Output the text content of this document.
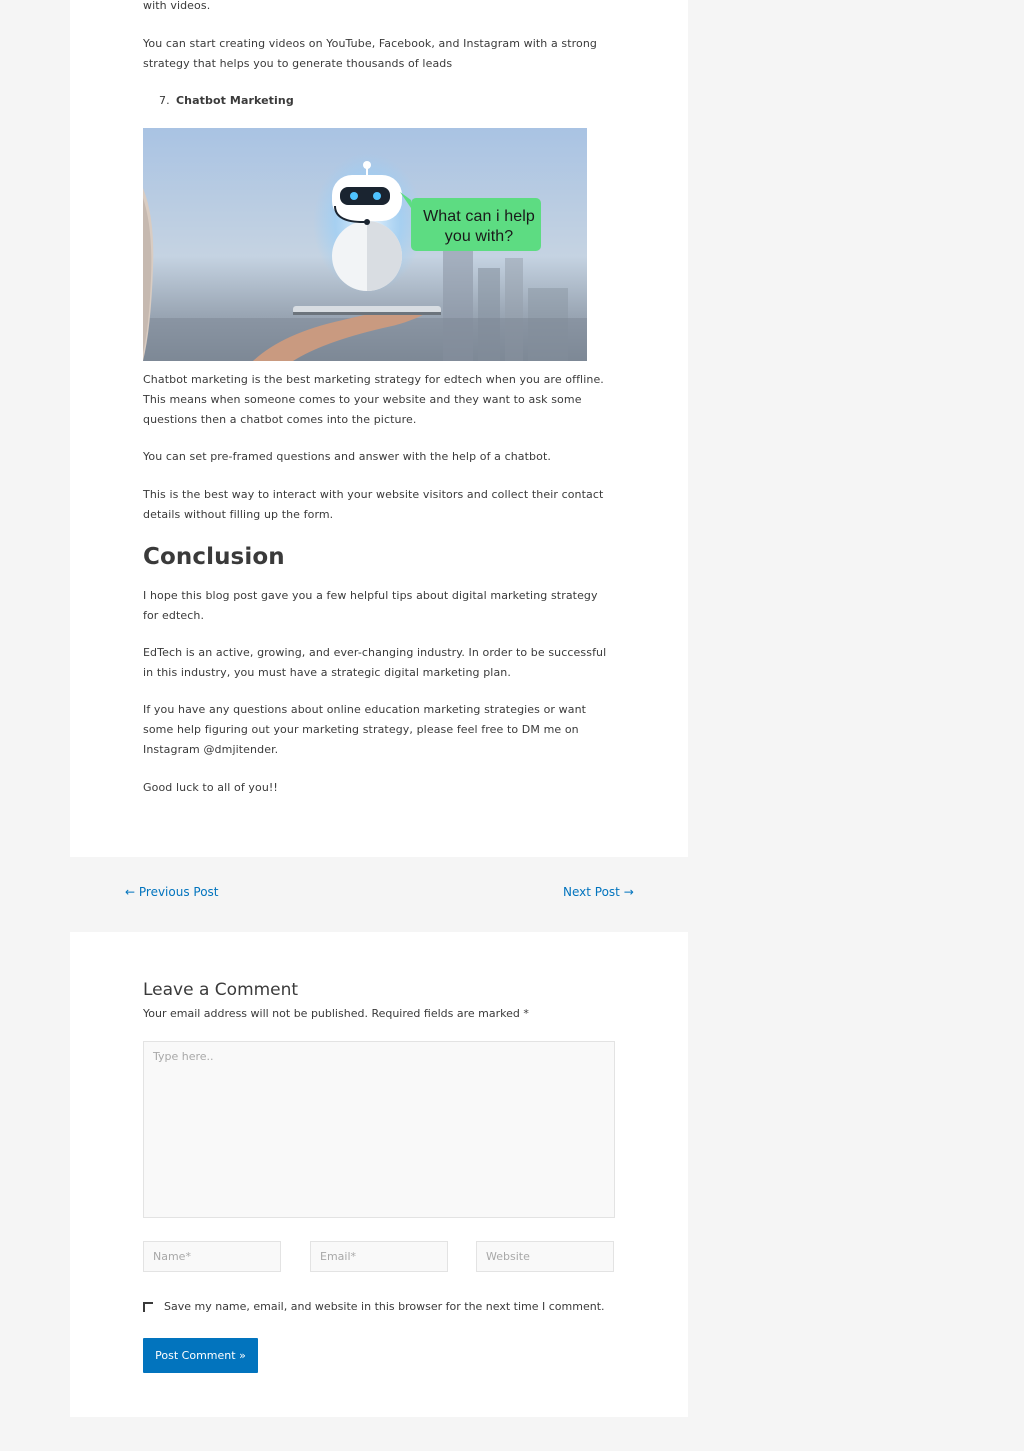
with videos.

You can start creating videos on YouTube, Facebook, and Instagram with a strong strategy that helps you to generate thousands of leads

7. Chatbot Marketing
What can i help
you with?

Chatbot marketing is the best marketing strategy for edtech when you are offline. This means when someone comes to your website and they want to ask some questions then a chatbot comes into the picture.

You can set pre-framed questions and answer with the help of a chatbot.

This is the best way to interact with your website visitors and collect their contact details without filling up the form.

Conclusion

I hope this blog post gave you a few helpful tips about digital marketing strategy for edtech.

EdTech is an active, growing, and ever-changing industry. In order to be successful in this industry, you must have a strategic digital marketing plan.

If you have any questions about online education marketing strategies or want some help figuring out your marketing strategy, please feel free to DM me on Instagram @dmjitender.

Good luck to all of you!!

← Previous Post	Next Post →
Leave a Comment
Your email address will not be published. Required fields are marked *
Type here..
Name*
Email*
Website
Save my name, email, and website in this browser for the next time I comment.
Post Comment »
